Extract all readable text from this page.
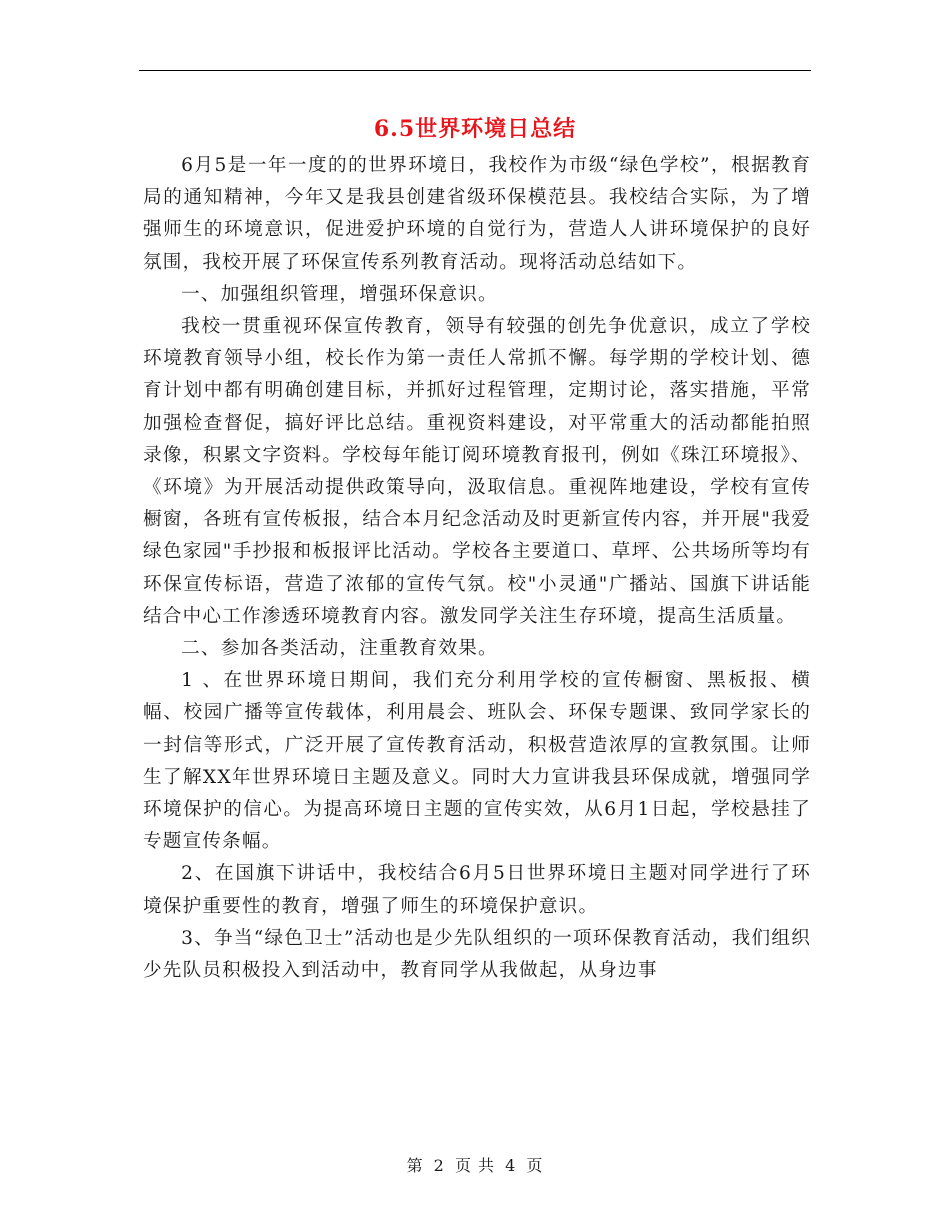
6.5世界环境日总结

6月5是一年一度的的世界环境日，我校作为市级“绿色学校”，根据教育局的通知精神，今年又是我县创建省级环保模范县。我校结合实际，为了增强师生的环境意识，促进爱护环境的自觉行为，营造人人讲环境保护的良好氛围，我校开展了环保宣传系列教育活动。现将活动总结如下。

一、加强组织管理，增强环保意识。

我校一贯重视环保宣传教育，领导有较强的创先争优意识，成立了学校环境教育领导小组，校长作为第一责任人常抓不懈。每学期的学校计划、德育计划中都有明确创建目标，并抓好过程管理，定期讨论，落实措施，平常加强检查督促，搞好评比总结。重视资料建设，对平常重大的活动都能拍照录像，积累文字资料。学校每年能订阅环境教育报刊，例如《珠江环境报》、《环境》为开展活动提供政策导向，汲取信息。重视阵地建设，学校有宣传橱窗，各班有宣传板报，结合本月纪念活动及时更新宣传内容，并开展"我爱绿色家园"手抄报和板报评比活动。学校各主要道口、草坪、公共场所等均有环保宣传标语，营造了浓郁的宣传气氛。校"小灵通"广播站、国旗下讲话能结合中心工作渗透环境教育内容。激发同学关注生存环境，提高生活质量。

二、参加各类活动，注重教育效果。

1 、在世界环境日期间，我们充分利用学校的宣传橱窗、黑板报、横幅、校园广播等宣传载体，利用晨会、班队会、环保专题课、致同学家长的一封信等形式，广泛开展了宣传教育活动，积极营造浓厚的宣教氛围。让师生了解XX年世界环境日主题及意义。同时大力宣讲我县环保成就，增强同学环境保护的信心。为提高环境日主题的宣传实效，从6月1日起，学校悬挂了专题宣传条幅。

2、在国旗下讲话中，我校结合6月5日世界环境日主题对同学进行了环境保护重要性的教育，增强了师生的环境保护意识。

3、争当“绿色卫士”活动也是少先队组织的一项环保教育活动，我们组织少先队员积极投入到活动中，教育同学从我做起，从身边事

第 2 页 共 4 页
